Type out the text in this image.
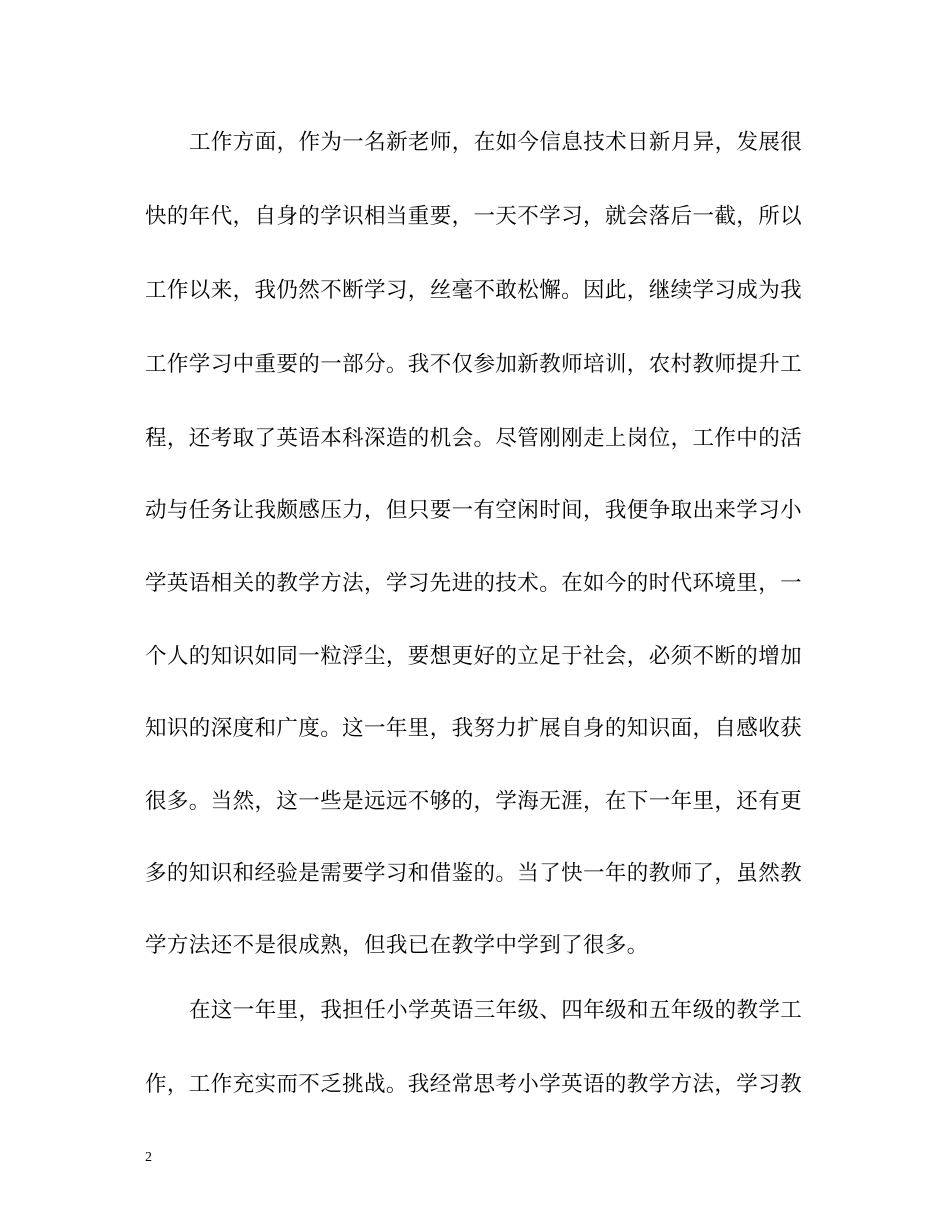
工作方面，作为一名新老师，在如今信息技术日新月异，发展很
快的年代，自身的学识相当重要，一天不学习，就会落后一截，所以
工作以来，我仍然不断学习，丝毫不敢松懈。因此，继续学习成为我
工作学习中重要的一部分。我不仅参加新教师培训，农村教师提升工
程，还考取了英语本科深造的机会。尽管刚刚走上岗位，工作中的活
动与任务让我颇感压力，但只要一有空闲时间，我便争取出来学习小
学英语相关的教学方法，学习先进的技术。在如今的时代环境里，一
个人的知识如同一粒浮尘，要想更好的立足于社会，必须不断的增加
知识的深度和广度。这一年里，我努力扩展自身的知识面，自感收获
很多。当然，这一些是远远不够的，学海无涯，在下一年里，还有更
多的知识和经验是需要学习和借鉴的。当了快一年的教师了，虽然教
学方法还不是很成熟，但我已在教学中学到了很多。
在这一年里，我担任小学英语三年级、四年级和五年级的教学工
作，工作充实而不乏挑战。我经常思考小学英语的教学方法，学习教
2
